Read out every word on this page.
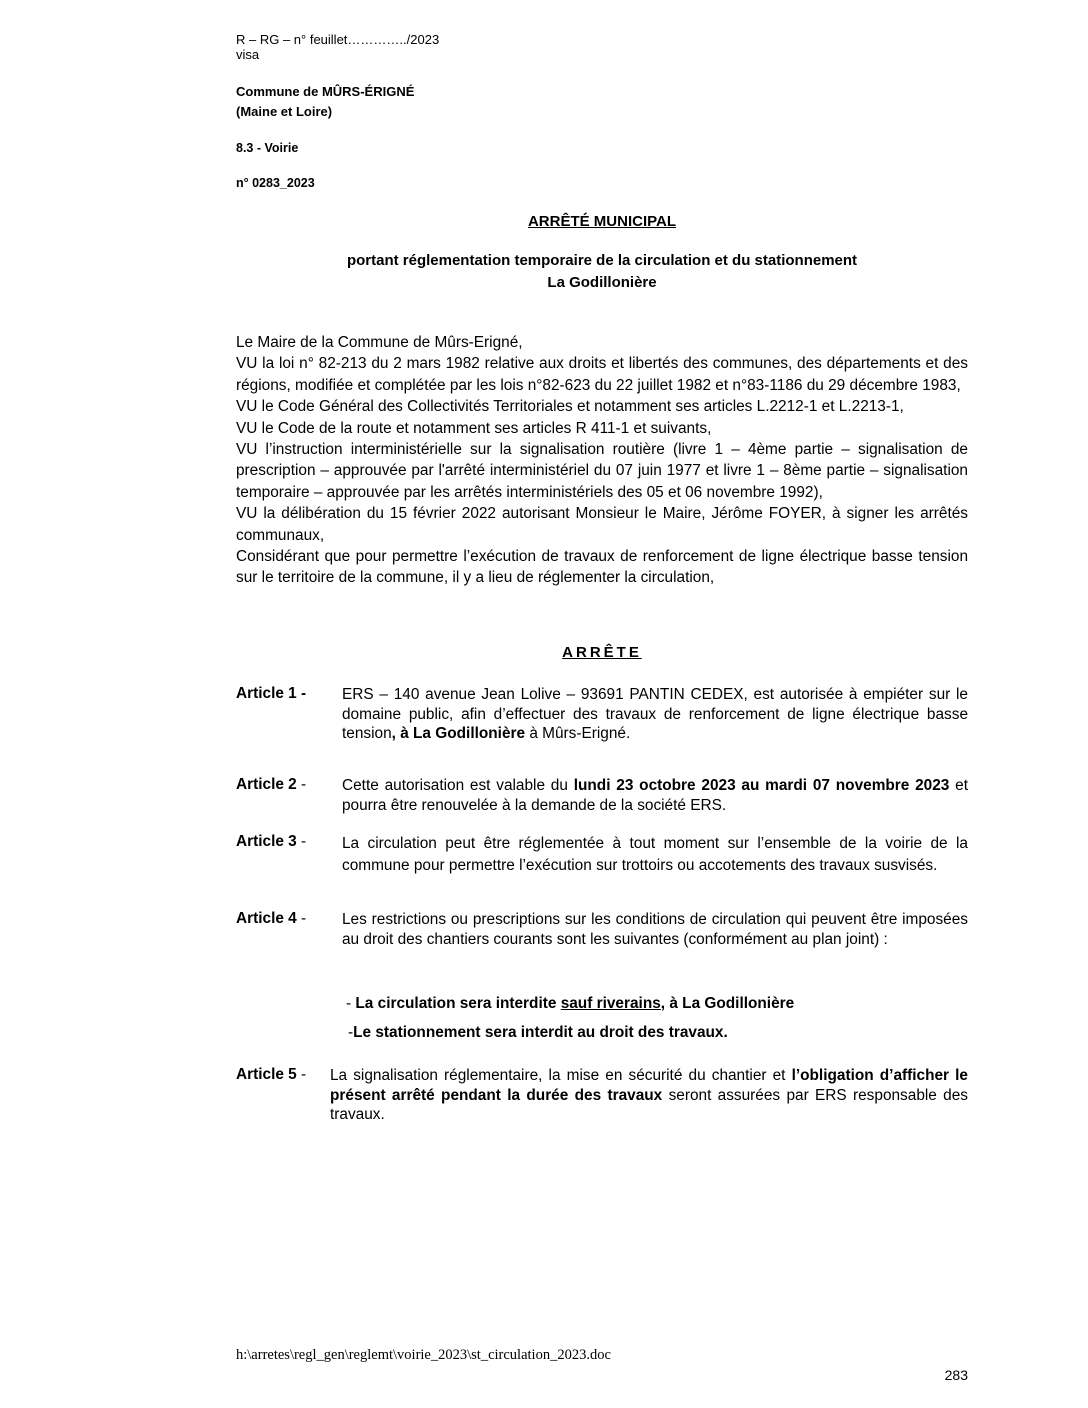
R – RG – n° feuillet…………../2023
visa
Commune de MÛRS-ÉRIGNÉ
(Maine et Loire)
8.3 - Voirie
n° 0283_2023
ARRÊTÉ MUNICIPAL
portant réglementation temporaire de la circulation et du stationnement
La Godillonière
Le Maire de la Commune de Mûrs-Erigné,
VU la loi n° 82-213 du 2 mars 1982 relative aux droits et libertés des communes, des départements et des régions, modifiée et complétée par les lois n°82-623 du 22 juillet 1982 et n°83-1186 du 29 décembre 1983,
VU le Code Général des Collectivités Territoriales et notamment ses articles L.2212-1 et L.2213-1,
VU le Code de la route et notamment ses articles R 411-1 et suivants,
VU l’instruction interministérielle sur la signalisation routière (livre 1 – 4ème partie – signalisation de prescription – approuvée par l'arrêté interministériel du 07 juin 1977 et livre 1 – 8ème partie – signalisation temporaire – approuvée par les arrêtés interministériels des 05 et 06 novembre 1992),
VU la délibération du 15 février 2022 autorisant Monsieur le Maire, Jérôme FOYER, à signer les arrêtés communaux,
Considérant que pour permettre l’exécution de travaux de renforcement de ligne électrique basse tension sur le territoire de la commune, il y a lieu de réglementer la circulation,
ARRÊTE
Article 1 - ERS – 140 avenue Jean Lolive – 93691 PANTIN CEDEX, est autorisée à empiéter sur le domaine public, afin d’effectuer des travaux de renforcement de ligne électrique basse tension, à La Godillonière à Mûrs-Erigné.
Article 2 - Cette autorisation est valable du lundi 23 octobre 2023 au mardi 07 novembre 2023 et pourra être renouvelée à la demande de la société ERS.
Article 3 - La circulation peut être réglementée à tout moment sur l’ensemble de la voirie de la commune pour permettre l’exécution sur trottoirs ou accotements des travaux susvisés.
Article 4 - Les restrictions ou prescriptions sur les conditions de circulation qui peuvent être imposées au droit des chantiers courants sont les suivantes (conformément au plan joint) :
- La circulation sera interdite sauf riverains, à La Godillonière
-Le stationnement sera interdit au droit des travaux.
Article 5 - La signalisation réglementaire, la mise en sécurité du chantier et l’obligation d’afficher le présent arrêté pendant la durée des travaux seront assurées par ERS responsable des travaux.
h:\arretes\regl_gen\reglemt\voirie_2023\st_circulation_2023.doc
283
